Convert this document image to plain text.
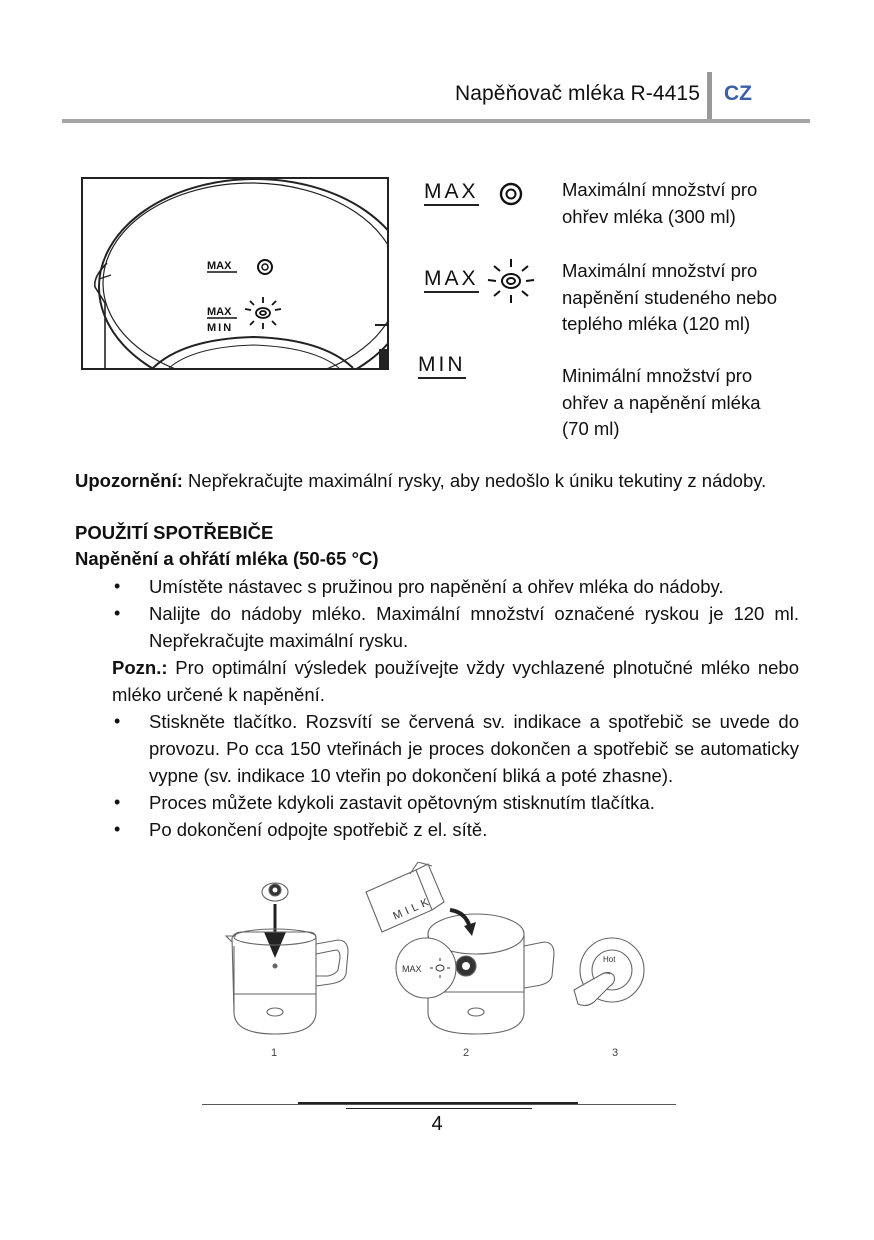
Napěňovač mléka R-4415 CZ
MAX
MAX
MIN
MAX	Maximální množství pro ohřev mléka (300 ml)
MAX	Maximální množství pro napěnění studeného nebo teplého mléka (120 ml)
MIN	Minimální množství pro ohřev a napěnění mléka (70 ml)
Upozornění: Nepřekračujte maximální rysky, aby nedošlo k úniku tekutiny z nádoby.
POUŽITÍ SPOTŘEBIČE
Napěnění a ohřátí mléka (50-65 °C)
• Umístěte nástavec s pružinou pro napěnění a ohřev mléka do nádoby.
• Nalijte do nádoby mléko. Maximální množství označené ryskou je 120 ml. Nepřekračujte maximální rysku.
Pozn.: Pro optimální výsledek používejte vždy vychlazené plnotučné mléko nebo mléko určené k napěnění.
• Stiskněte tlačítko. Rozsvítí se červená sv. indikace a spotřebič se uvede do provozu. Po cca 150 vteřinách je proces dokončen a spotřebič se automaticky vypne (sv. indikace 10 vteřin po dokončení bliká a poté zhasne).
• Proces můžete kdykoli zastavit opětovným stisknutím tlačítka.
• Po dokončení odpojte spotřebič z el. sítě.
MAX
MILK
Hot
1	2	3
4
